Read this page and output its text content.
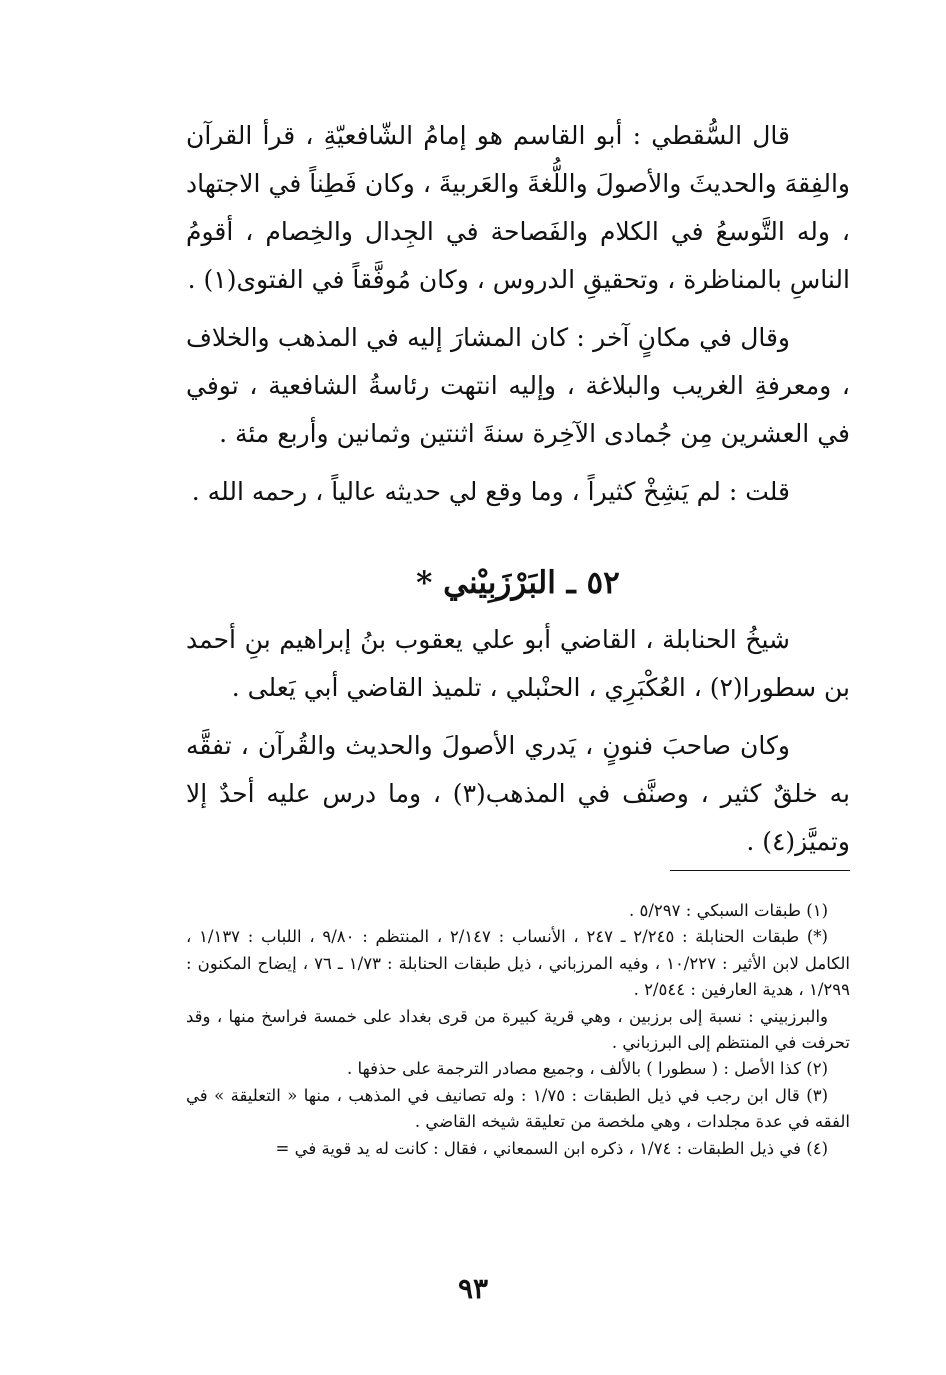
قال السُّقطي : أبو القاسم هو إمامُ الشّافعيّةِ ، قرأ القرآن والفِقهَ والحديثَ والأصولَ واللُّغةَ والعَربيةَ ، وكان فَطِناً في الاجتهاد ، وله التَّوسعُ في الكلام والفَصاحة في الجِدال والخِصام ، أقومُ الناسِ بالمناظرة ، وتحقيقِ الدروس ، وكان مُوفَّقاً في الفتوى(١) .

وقال في مكانٍ آخر : كان المشارَ إليه في المذهب والخلاف ، ومعرفةِ الغريب والبلاغة ، وإليه انتهت رئاسةُ الشافعية ، توفي في العشرين مِن جُمادى الآخِرة سنةَ اثنتين وثمانين وأربع مئة .

قلت : لم يَشِخْ كثيراً ، وما وقع لي حديثه عالياً ، رحمه الله .

٥٢ ـ البَرْزَبِيْني *

شيخُ الحنابلة ، القاضي أبو علي يعقوب بنُ إبراهيم بنِ أحمد بن سطورا(٢) ، العُكْبَرِي ، الحنْبلي ، تلميذ القاضي أبي يَعلى .

وكان صاحبَ فنونٍ ، يَدري الأصولَ والحديث والقُرآن ، تفقَّه به خلقٌ كثير ، وصنَّف في المذهب(٣) ، وما درس عليه أحدٌ إلا وتميَّز(٤) .

(١) طبقات السبكي : ٥/٢٩٧ .

(*) طبقات الحنابلة : ٢/٢٤٥ ـ ٢٤٧ ، الأنساب : ٢/١٤٧ ، المنتظم : ٩/٨٠ ، اللباب : ١/١٣٧ ، الكامل لابن الأثير : ١٠/٢٢٧ ، وفيه المرزباني ، ذيل طبقات الحنابلة : ١/٧٣ ـ ٧٦ ، إيضاح المكنون : ١/٢٩٩ ، هدية العارفين : ٢/٥٤٤ .

والبرزبيني : نسبة إلى برزبين ، وهي قرية كبيرة من قرى بغداد على خمسة فراسخ منها ، وقد تحرفت في المنتظم إلى البرزباني .

(٢) كذا الأصل : ( سطورا ) بالألف ، وجميع مصادر الترجمة على حذفها .

(٣) قال ابن رجب في ذيل الطبقات : ١/٧٥ : وله تصانيف في المذهب ، منها « التعليقة » في الفقه في عدة مجلدات ، وهي ملخصة من تعليقة شيخه القاضي .

(٤) في ذيل الطبقات : ١/٧٤ ، ذكره ابن السمعاني ، فقال : كانت له يد قوية في =

٩٣
